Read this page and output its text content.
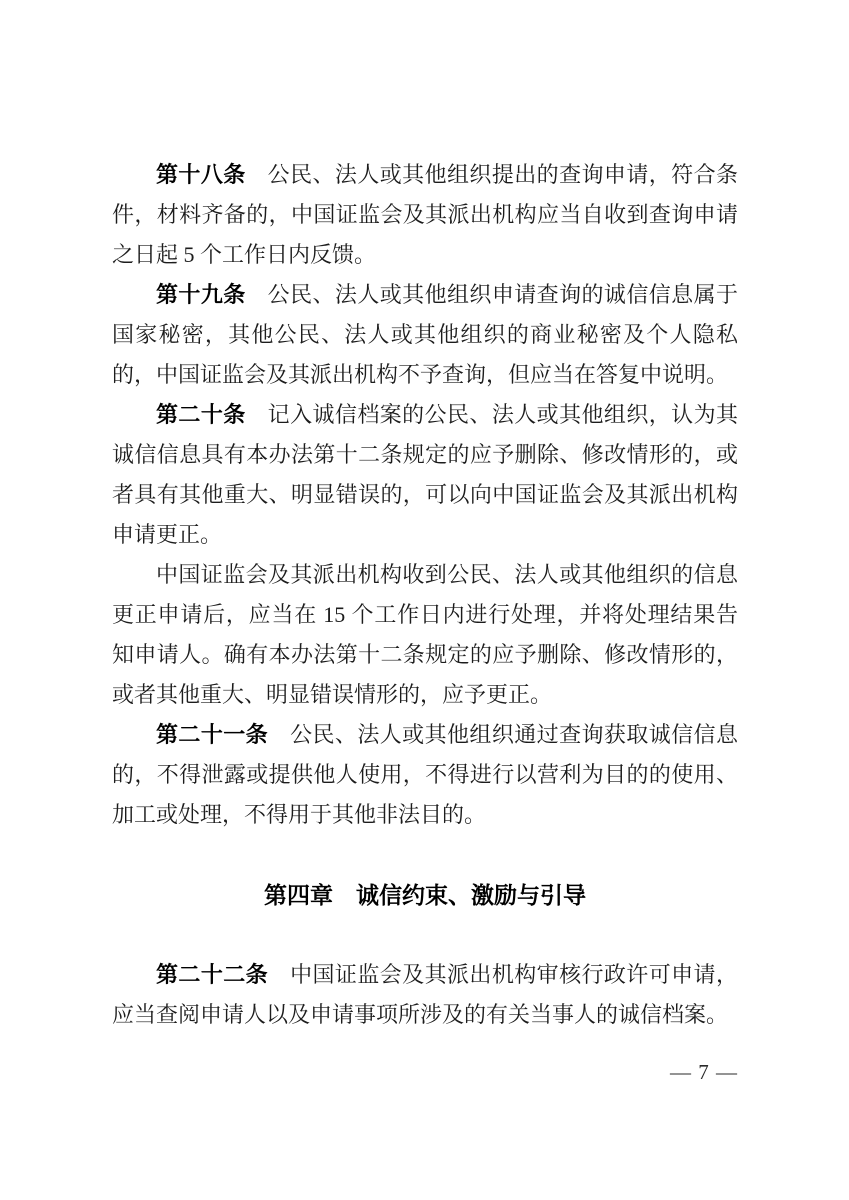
第十八条 公民、法人或其他组织提出的查询申请，符合条件，材料齐备的，中国证监会及其派出机构应当自收到查询申请之日起 5 个工作日内反馈。

第十九条 公民、法人或其他组织申请查询的诚信信息属于国家秘密，其他公民、法人或其他组织的商业秘密及个人隐私的，中国证监会及其派出机构不予查询，但应当在答复中说明。

第二十条 记入诚信档案的公民、法人或其他组织，认为其诚信信息具有本办法第十二条规定的应予删除、修改情形的，或者具有其他重大、明显错误的，可以向中国证监会及其派出机构申请更正。

中国证监会及其派出机构收到公民、法人或其他组织的信息更正申请后，应当在 15 个工作日内进行处理，并将处理结果告知申请人。确有本办法第十二条规定的应予删除、修改情形的，或者其他重大、明显错误情形的，应予更正。

第二十一条 公民、法人或其他组织通过查询获取诚信信息的，不得泄露或提供他人使用，不得进行以营利为目的的使用、加工或处理，不得用于其他非法目的。

第四章　诚信约束、激励与引导

第二十二条 中国证监会及其派出机构审核行政许可申请，应当查阅申请人以及申请事项所涉及的有关当事人的诚信档案。

— 7 —
